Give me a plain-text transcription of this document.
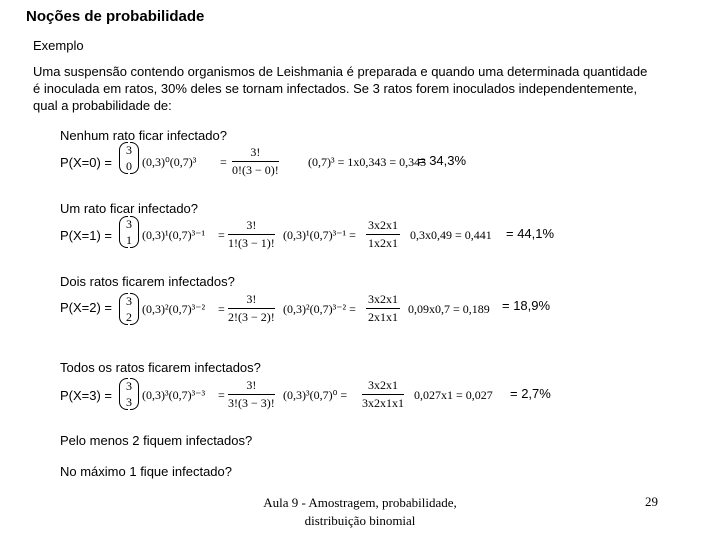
Noções de probabilidade
Exemplo
Uma suspensão contendo organismos de Leishmania é preparada e quando uma determinada quantidade é inoculada em ratos, 30% deles se tornam infectados. Se 3 ratos forem inoculados independentemente, qual a probabilidade de:
Nenhum rato ficar infectado?
P(X=0) =
3
0 $(0,3)^0(0,7)^3 = \frac{3!}{0!(3 - 0)!} (0,7)^3 = 1x0,343 = 0,343$
= 34,3%
Um rato ficar infectado?
P(X=1) =
3
1 $(0,3)^1(0,7)^{3-1} = \frac{3!}{1!(3 - 1)!} (0,3)^1(0,7)^{3-1} = \frac{3x2x1}{1x2x1} 0,3x0,49 = 0,441 = 44,1\%$
Dois ratos ficarem infectados?
P(X=2) = 3
2
$(0,3)^2(0,7)^{3-2} = \frac{3!}{2!(3 - 2)!} (0,3)^2(0,7)^{3-2} = \frac{3x2x1}{2x1x1} 0,09x0,7 = 0,189 = 18,9\%$
Todos os ratos ficarem infectados?
P(X=3) =
3
3 $(0,3)^3(0,7)^{3-3} = \frac{3!}{3!(3 - 3)!} (0,3)^3(0,7)^0 = \frac{3x2x1}{3x2x1x1} 0,027x1 = 0,027 = 2,7\%$
Pelo menos 2 fiquem infectados?
No máximo 1 fique infectado?
Aula 9 - Amostragem, probabilidade,
distribuição binomial
29
